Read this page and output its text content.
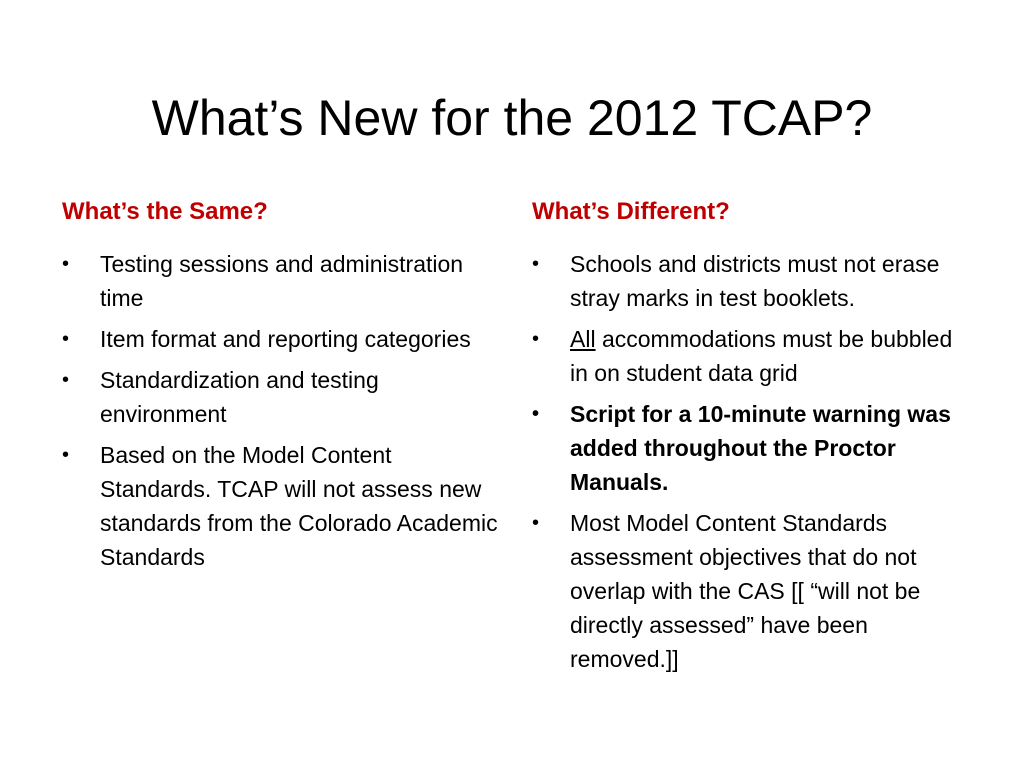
What’s New for the 2012 TCAP?
What’s the Same?
•	Testing sessions and administration time
•	Item format and reporting categories
•	Standardization and testing environment
•	Based on the Model Content Standards. TCAP will not assess new standards from the Colorado Academic Standards
What’s Different?
•	Schools and districts must not erase stray marks in test booklets.
•	All accommodations must be bubbled in on student data grid
•	Script for a 10-minute warning was added throughout the Proctor Manuals.
•	Most Model Content Standards assessment objectives that do not overlap with the CAS [[ “will not be directly assessed” have been removed.]]
